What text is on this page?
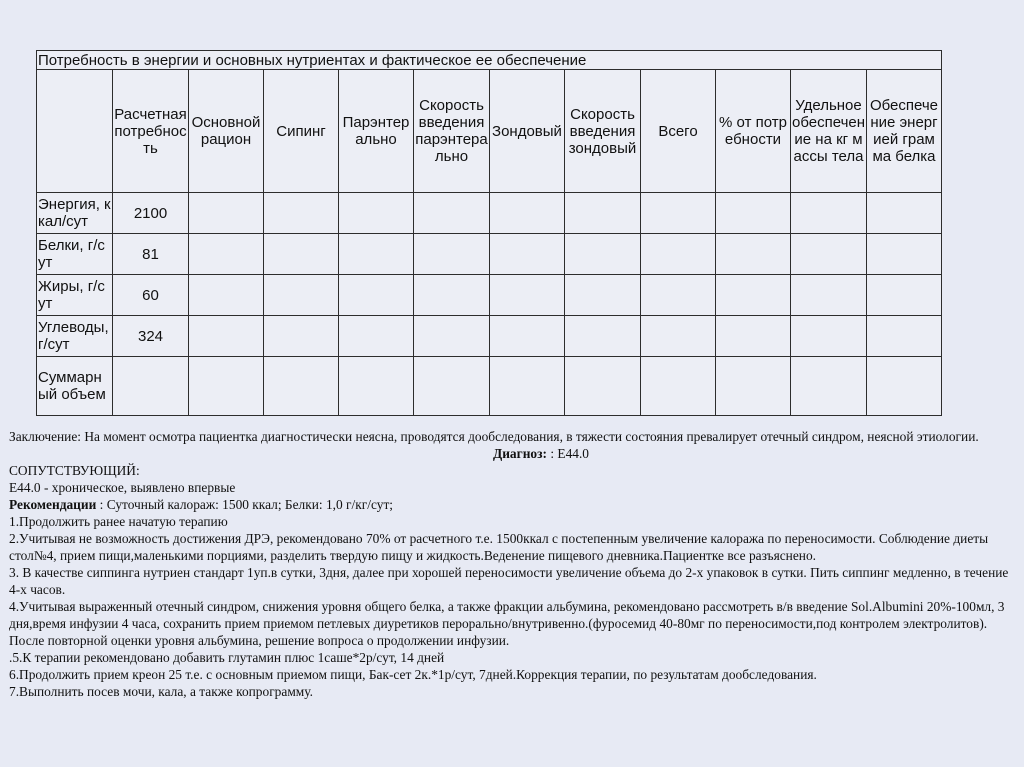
Потребность в энергии и основных нутриентах и фактическое ее обеспечение											
	Расчетная потребность	Основной рацион	Сипинг	Парэнтерально	Скорость введения парэнтерально	Зондовый	Скорость введения зондовый	Всего	% от потребности	Удельное обеспечение на кг массы тела	Обеспечение энергией грамма белка
Энергия, ккал/сут	2100										
Белки, г/сут	81										
Жиры, г/сут	60										
Углеводы, г/сут	324										
Суммарный объем											

Заключение: На момент осмотра пациентка диагностически неясна, проводятся дообследования, в тяжести состояния превалирует отечный синдром, неясной этиологии.

Диагноз: : Е44.0

СОПУТСТВУЮЩИЙ:

Е44.0 - хроническое, выявлено впервые

Рекомендации : Суточный калораж: 1500 ккал; Белки: 1,0 г/кг/сут;

1.Продолжить ранее начатую терапию

2.Учитывая не возможность достижения ДРЭ, рекомендовано 70% от расчетного т.е. 1500ккал с постепенным увеличение калоража по переносимости. Соблюдение диеты стол№4, прием пищи,маленькими порциями, разделить твердую пищу и жидкость.Веденение пищевого дневника.Пациентке все разъяснено.

3. В качестве сиппинга нутриен стандарт 1уп.в сутки, 3дня, далее при хорошей переносимости увеличение объема до 2-х упаковок в сутки. Пить сиппинг медленно, в течение 4-х часов.

4.Учитывая выраженный отечный синдром, снижения уровня общего белка, а также фракции альбумина, рекомендовано рассмотреть в/в введение Sol.Albumini 20%-100мл, 3 дня,время инфузии 4 часа, сохранить прием приемом петлевых диуретиков перорально/внутривенно.(фуросемид 40-80мг по переносимости,под контролем электролитов). После повторной оценки уровня альбумина, решение вопроса о продолжении инфузии.

.5.К терапии рекомендовано добавить глутамин плюс 1саше*2р/сут, 14 дней

6.Продолжить прием креон 25 т.е. с основным приемом пищи, Бак-сет 2к.*1р/сут, 7дней.Коррекция терапии, по результатам дообследования.

7.Выполнить посев мочи, кала, а также копрограмму.
